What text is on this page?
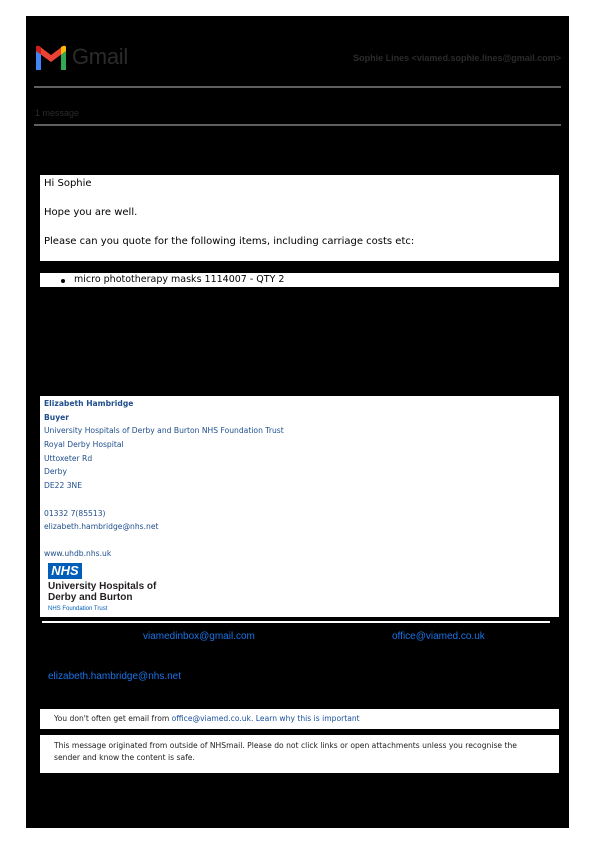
Gmail	Sophie Lines <viamed.sophie.lines@gmail.com>
1 message

Hi Sophie

Hope you are well.

Please can you quote for the following items, including carriage costs etc:

micro phototherapy masks 1114007 - QTY 2
Elizabeth Hambridge
Buyer
University Hospitals of Derby and Burton NHS Foundation Trust
Royal Derby Hospital
Uttoxeter Rd
Derby
DE22 3NE
01332 7(85513)
elizabeth.hambridge@nhs.net
www.uhdb.nhs.uk
NHS
University Hospitals of
Derby and Burton
NHS Foundation Trust
viamedinbox@gmail.com	office@viamed.co.uk
elizabeth.hambridge@nhs.net
You don't often get email from office@viamed.co.uk. Learn why this is important
This message originated from outside of NHSmail. Please do not click links or open attachments unless you recognise the
sender and know the content is safe.
